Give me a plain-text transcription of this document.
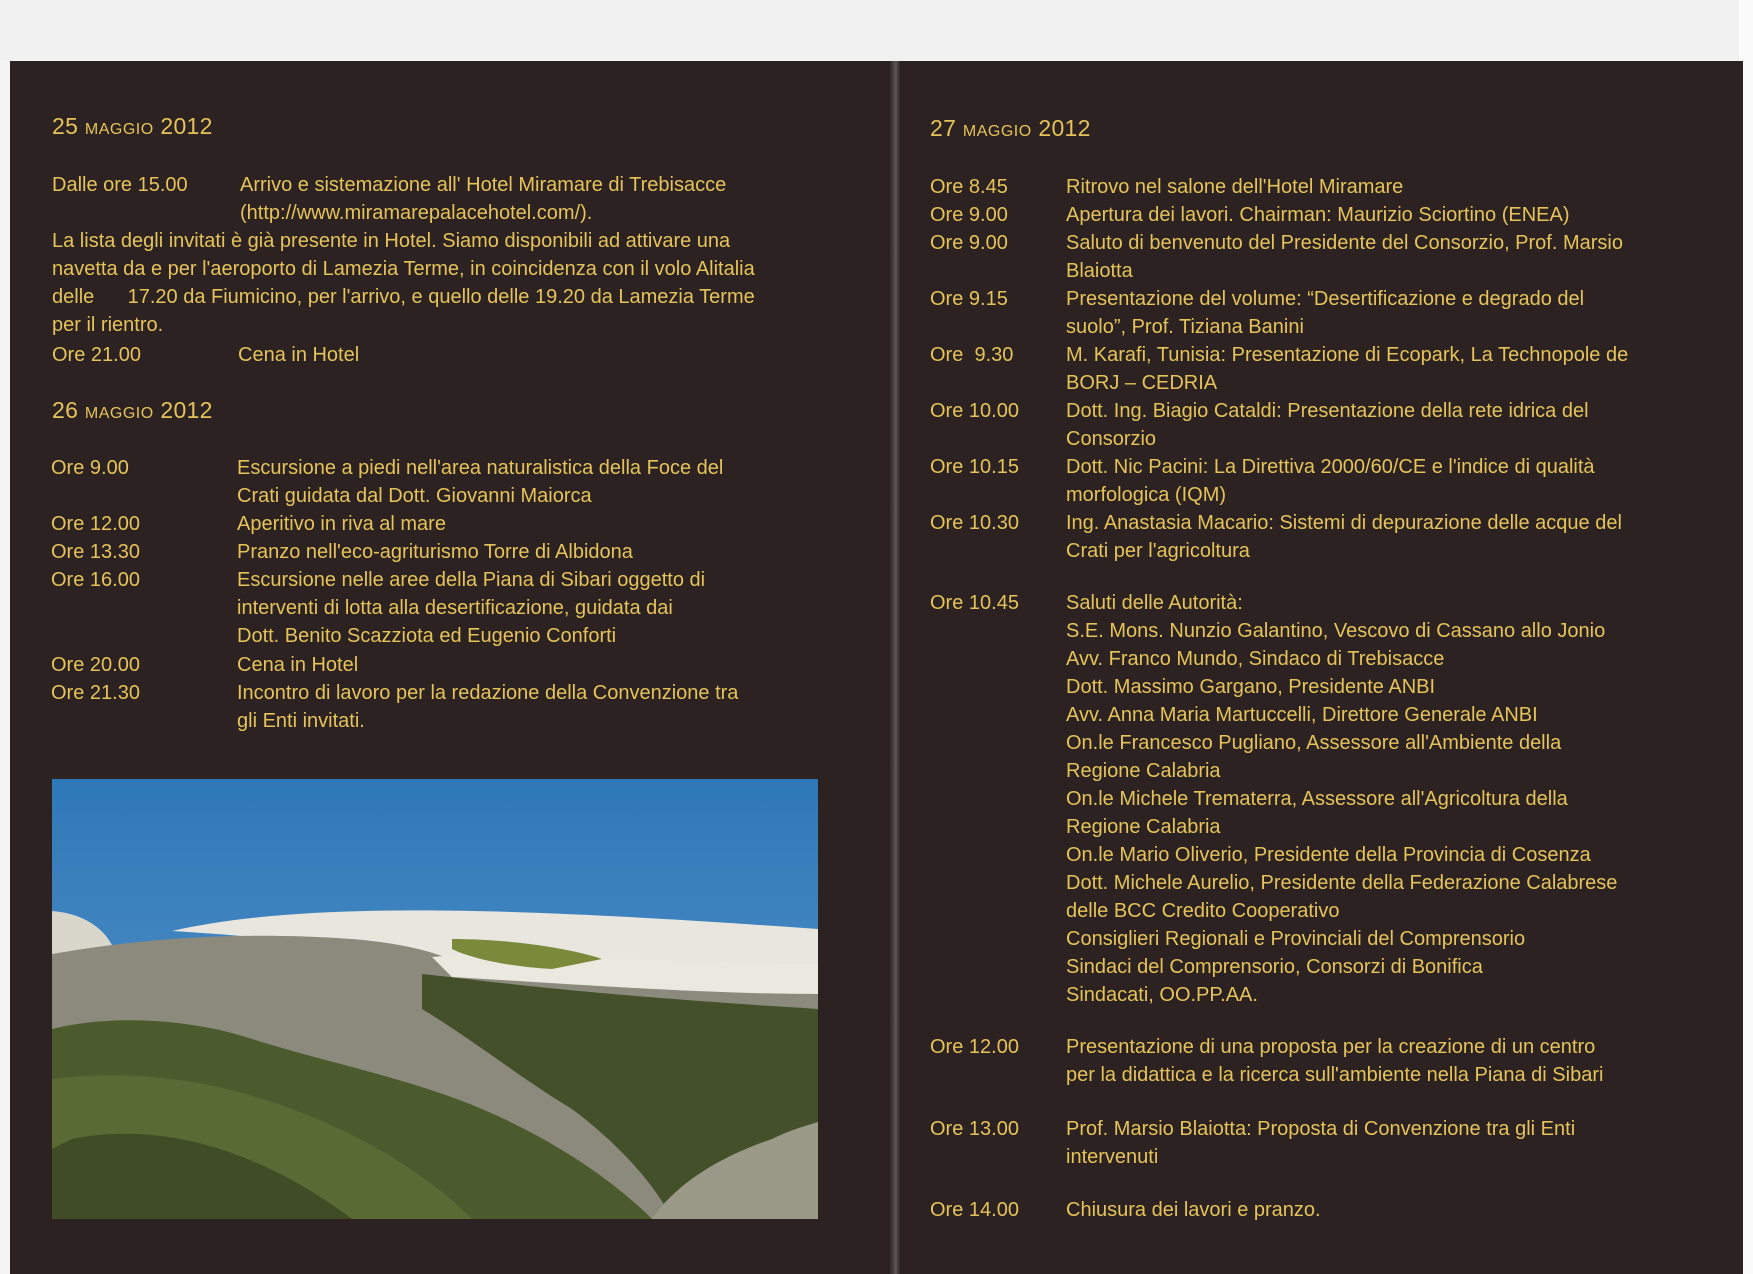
25 MAGGIO 2012
Dalle ore 15.00	Arrivo e sistemazione all' Hotel Miramare di Trebisacce
(http://www.miramarepalacehotel.com/).
La lista degli invitati è già presente in Hotel. Siamo disponibili ad attivare una
navetta da e per l'aeroporto di Lamezia Terme, in coincidenza con il volo Alitalia
delle      17.20 da Fiumicino, per l'arrivo, e quello delle 19.20 da Lamezia Terme
per il rientro.
Ore 21.00	Cena in Hotel
26 MAGGIO 2012
Ore 9.00	Escursione a piedi nell'area naturalistica della Foce del
Crati guidata dal Dott. Giovanni Maiorca
Ore 12.00	Aperitivo in riva al mare
Ore 13.30	Pranzo nell'eco-agriturismo Torre di Albidona
Ore 16.00	Escursione nelle aree della Piana di Sibari oggetto di
interventi di lotta alla desertificazione, guidata dai
Dott. Benito Scazziota ed Eugenio Conforti
Ore 20.00	Cena in Hotel
Ore 21.30	Incontro di lavoro per la redazione della Convenzione tra
gli Enti invitati.
27 MAGGIO 2012
Ore 8.45	Ritrovo nel salone dell'Hotel Miramare
Ore 9.00	Apertura dei lavori. Chairman: Maurizio Sciortino (ENEA)
Ore 9.00	Saluto di benvenuto del Presidente del Consorzio, Prof. Marsio
Blaiotta
Ore 9.15	Presentazione del volume: “Desertificazione e degrado del
suolo”, Prof. Tiziana Banini
Ore  9.30	M. Karafi, Tunisia: Presentazione di Ecopark, La Technopole de
BORJ – CEDRIA
Ore 10.00 Dott. Ing. Biagio Cataldi: Presentazione della rete idrica del
Consorzio
Ore 10.15 Dott. Nic Pacini: La Direttiva 2000/60/CE e l'indice di qualità
morfologica (IQM)
Ore 10.30 Ing. Anastasia Macario: Sistemi di depurazione delle acque del
Crati per l'agricoltura
Ore 10.45 Saluti delle Autorità:
S.E. Mons. Nunzio Galantino, Vescovo di Cassano allo Jonio
Avv. Franco Mundo, Sindaco di Trebisacce
Dott. Massimo Gargano, Presidente ANBI
Avv. Anna Maria Martuccelli, Direttore Generale ANBI
On.le Francesco Pugliano, Assessore all'Ambiente della
Regione Calabria
On.le Michele Trematerra, Assessore all'Agricoltura della
Regione Calabria
On.le Mario Oliverio, Presidente della Provincia di Cosenza
Dott. Michele Aurelio, Presidente della Federazione Calabrese
delle BCC Credito Cooperativo
Consiglieri Regionali e Provinciali del Comprensorio
Sindaci del Comprensorio, Consorzi di Bonifica
Sindacati, OO.PP.AA.
Ore 12.00 Presentazione di una proposta per la creazione di un centro
per la didattica e la ricerca sull'ambiente nella Piana di Sibari
Ore 13.00 Prof. Marsio Blaiotta: Proposta di Convenzione tra gli Enti
intervenuti
Ore 14.00 Chiusura dei lavori e pranzo.
